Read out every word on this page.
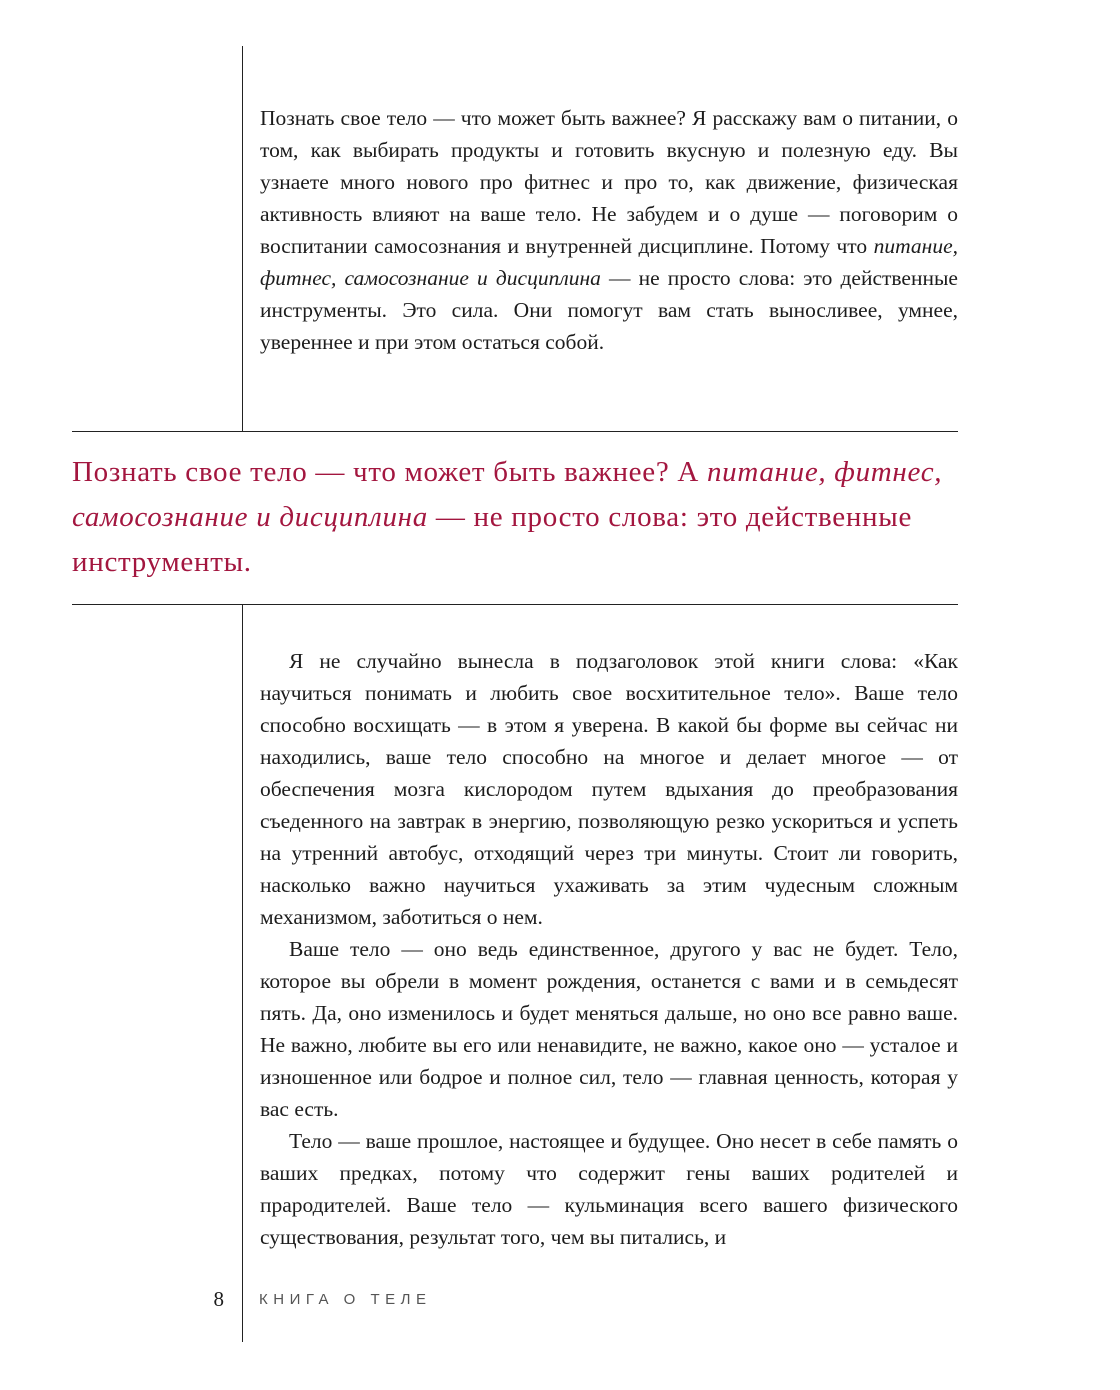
Познать свое тело — что может быть важнее? Я расскажу вам о питании, о том, как выбирать продукты и готовить вкусную и полезную еду. Вы узнаете много нового про фитнес и про то, как движение, физическая активность влияют на ваше тело. Не забудем и о душе — поговорим о воспитании самосознания и внутренней дисциплине. Потому что питание, фитнес, самосознание и дисциплина — не просто слова: это действенные инструменты. Это сила. Они помогут вам стать выносливее, умнее, увереннее и при этом остаться собой.

Познать свое тело — что может быть важнее? А питание, фитнес, самосознание и дисциплина — не просто слова: это действенные инструменты.

Я не случайно вынесла в подзаголовок этой книги слова: «Как научиться понимать и любить свое восхитительное тело». Ваше тело способно восхищать — в этом я уверена. В какой бы форме вы сейчас ни находились, ваше тело способно на многое и делает многое — от обеспечения мозга кислородом путем вдыхания до преобразования съеденного на завтрак в энергию, позволяющую резко ускориться и успеть на утренний автобус, отходящий через три минуты. Стоит ли говорить, насколько важно научиться ухаживать за этим чудесным сложным механизмом, заботиться о нем.

Ваше тело — оно ведь единственное, другого у вас не будет. Тело, которое вы обрели в момент рождения, останется с вами и в семьдесят пять. Да, оно изменилось и будет меняться дальше, но оно все равно ваше. Не важно, любите вы его или ненавидите, не важно, какое оно — усталое и изношенное или бодрое и полное сил, тело — главная ценность, которая у вас есть.

Тело — ваше прошлое, настоящее и будущее. Оно несет в себе память о ваших предках, потому что содержит гены ваших родителей и прародителей. Ваше тело — кульминация всего вашего физического существования, результат того, чем вы питались, и

8 КНИГА О ТЕЛЕ
